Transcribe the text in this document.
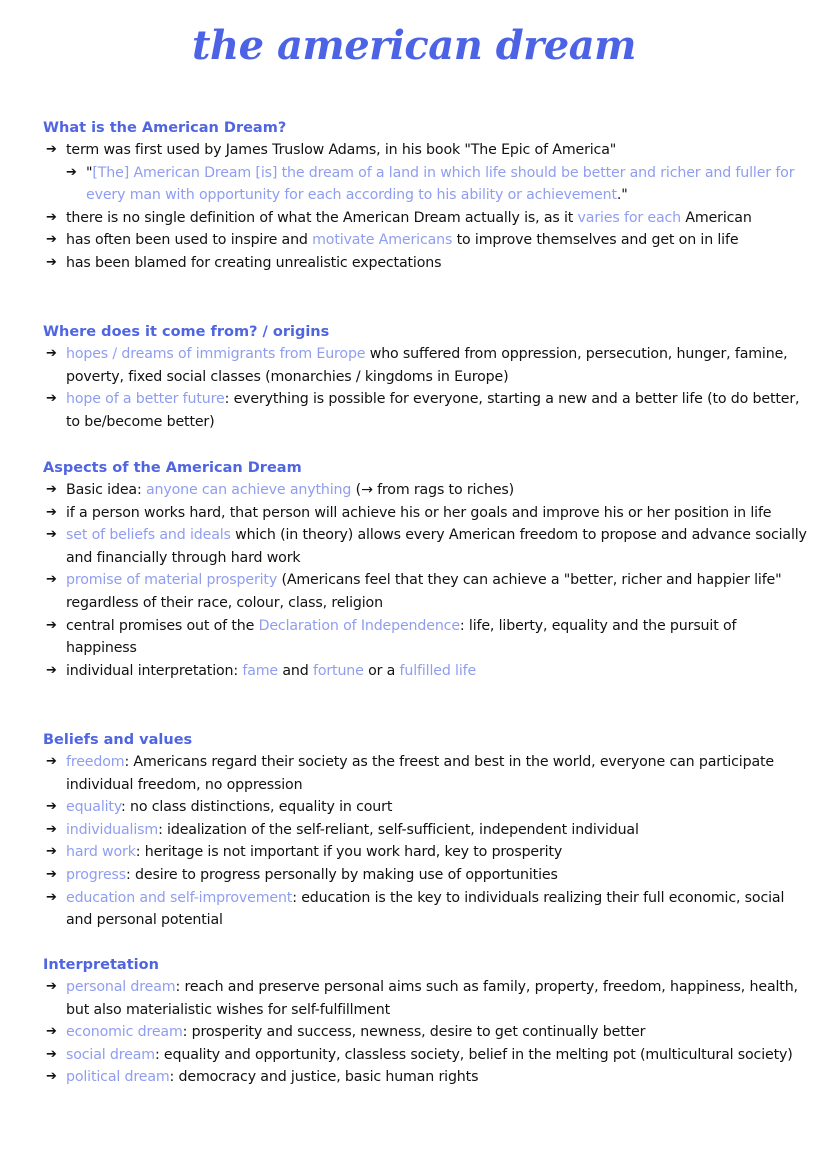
the american dream
What is the American Dream?
➔ term was first used by James Truslow Adams, in his book "The Epic of America"
➔ "[The] American Dream [is] the dream of a land in which life should be better and richer and fuller for every man with opportunity for each according to his ability or achievement."
➔ there is no single definition of what the American Dream actually is, as it varies for each American
➔ has often been used to inspire and motivate Americans to improve themselves and get on in life
➔ has been blamed for creating unrealistic expectations
Where does it come from? / origins
➔ hopes / dreams of immigrants from Europe who suffered from oppression, persecution, hunger, famine, poverty, fixed social classes (monarchies / kingdoms in Europe)
➔ hope of a better future: everything is possible for everyone, starting a new and a better life (to do better, to be/become better)
Aspects of the American Dream
➔ Basic idea: anyone can achieve anything (→ from rags to riches)
➔ if a person works hard, that person will achieve his or her goals and improve his or her position in life
➔ set of beliefs and ideals which (in theory) allows every American freedom to propose and advance socially and financially through hard work
➔ promise of material prosperity (Americans feel that they can achieve a "better, richer and happier life" regardless of their race, colour, class, religion
➔ central promises out of the Declaration of Independence: life, liberty, equality and the pursuit of happiness
➔ individual interpretation: fame and fortune or a fulfilled life
Beliefs and values
➔ freedom: Americans regard their society as the freest and best in the world, everyone can participate individual freedom, no oppression
➔ equality: no class distinctions, equality in court
➔ individualism: idealization of the self-reliant, self-sufficient, independent individual
➔ hard work: heritage is not important if you work hard, key to prosperity
➔ progress: desire to progress personally by making use of opportunities
➔ education and self-improvement: education is the key to individuals realizing their full economic, social and personal potential
Interpretation
➔ personal dream: reach and preserve personal aims such as family, property, freedom, happiness, health, but also materialistic wishes for self-fulfillment
➔ economic dream: prosperity and success, newness, desire to get continually better
➔ social dream: equality and opportunity, classless society, belief in the melting pot (multicultural society)
➔ political dream: democracy and justice, basic human rights
